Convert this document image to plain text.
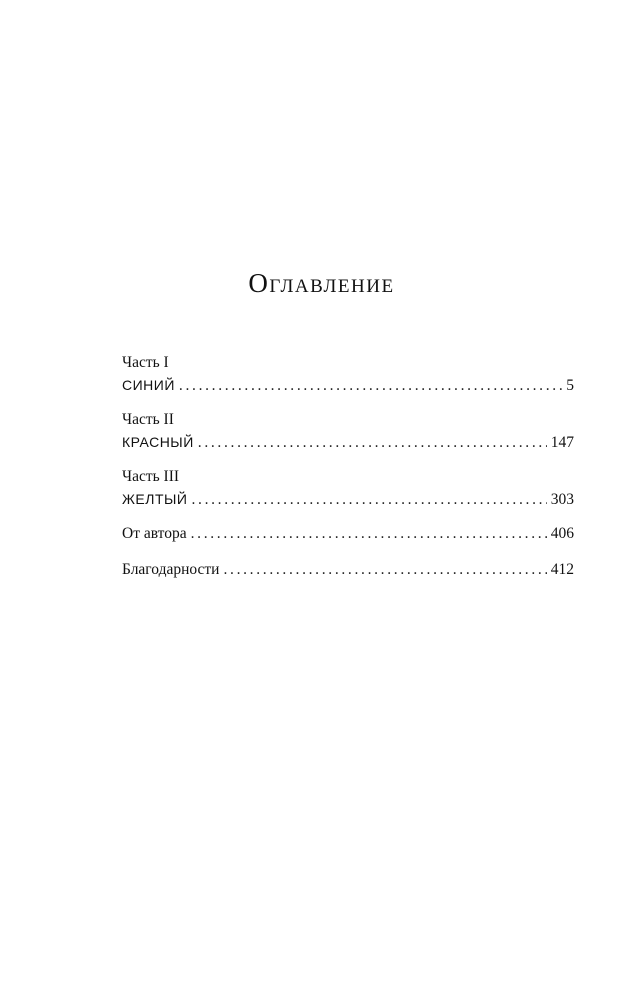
Оглавление
Часть I
СИНИЙ . . .	5
Часть II
КРАСНЫЙ . . .	147
Часть III
ЖЕЛТЫЙ . . .	303
От автора . . .	406
Благодарности . . .	412
